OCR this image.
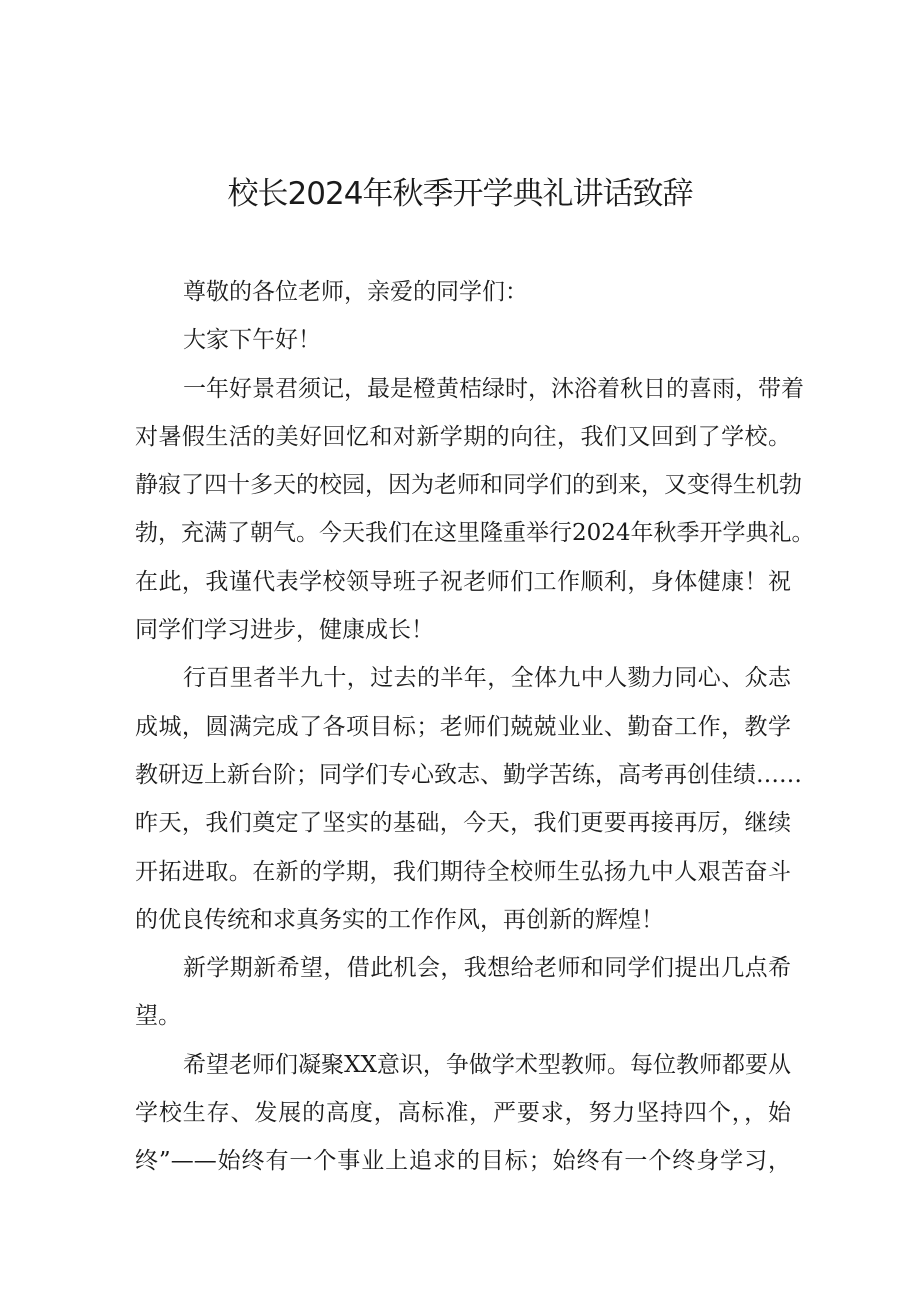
校长2024年秋季开学典礼讲话致辞
尊敬的各位老师，亲爱的同学们：
大家下午好！
一年好景君须记，最是橙黄桔绿时，沐浴着秋日的喜雨，带着
对暑假生活的美好回忆和对新学期的向往，我们又回到了学校。
静寂了四十多天的校园，因为老师和同学们的到来，又变得生机勃
勃，充满了朝气。今天我们在这里隆重举行2024年秋季开学典礼。
在此，我谨代表学校领导班子祝老师们工作顺利，身体健康！祝
同学们学习进步，健康成长！
行百里者半九十，过去的半年，全体九中人勠力同心、众志
成城，圆满完成了各项目标；老师们兢兢业业、勤奋工作，教学
教研迈上新台阶；同学们专心致志、勤学苦练，高考再创佳绩……
昨天，我们奠定了坚实的基础，今天，我们更要再接再厉，继续
开拓进取。在新的学期，我们期待全校师生弘扬九中人艰苦奋斗
的优良传统和求真务实的工作作风，再创新的辉煌！
新学期新希望，借此机会，我想给老师和同学们提出几点希
望。
希望老师们凝聚XX意识，争做学术型教师。每位教师都要从
学校生存、发展的高度，高标准，严要求，努力坚持四个，，始
终”——始终有一个事业上追求的目标；始终有一个终身学习，
